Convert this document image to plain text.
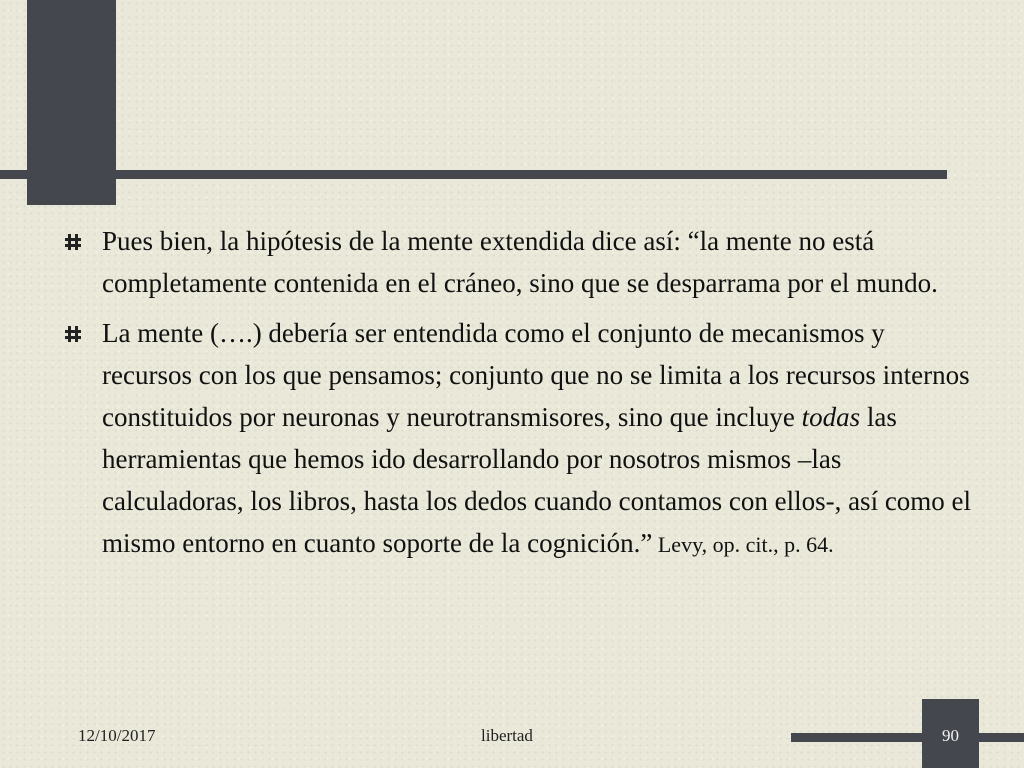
Pues bien, la hipótesis de la mente extendida dice así: “la mente no está completamente contenida en el cráneo, sino que se desparrama por el mundo.
La mente (….) debería ser entendida como el conjunto de mecanismos y recursos con los que pensamos; conjunto que no se limita a los recursos internos constituidos por neuronas y neurotransmisores, sino que incluye todas las herramientas que hemos ido desarrollando por nosotros mismos –las calculadoras, los libros, hasta los dedos cuando contamos con ellos-, así como el mismo entorno en cuanto soporte de la cognición.” Levy, op. cit., p. 64.
12/10/2017	libertad	90
